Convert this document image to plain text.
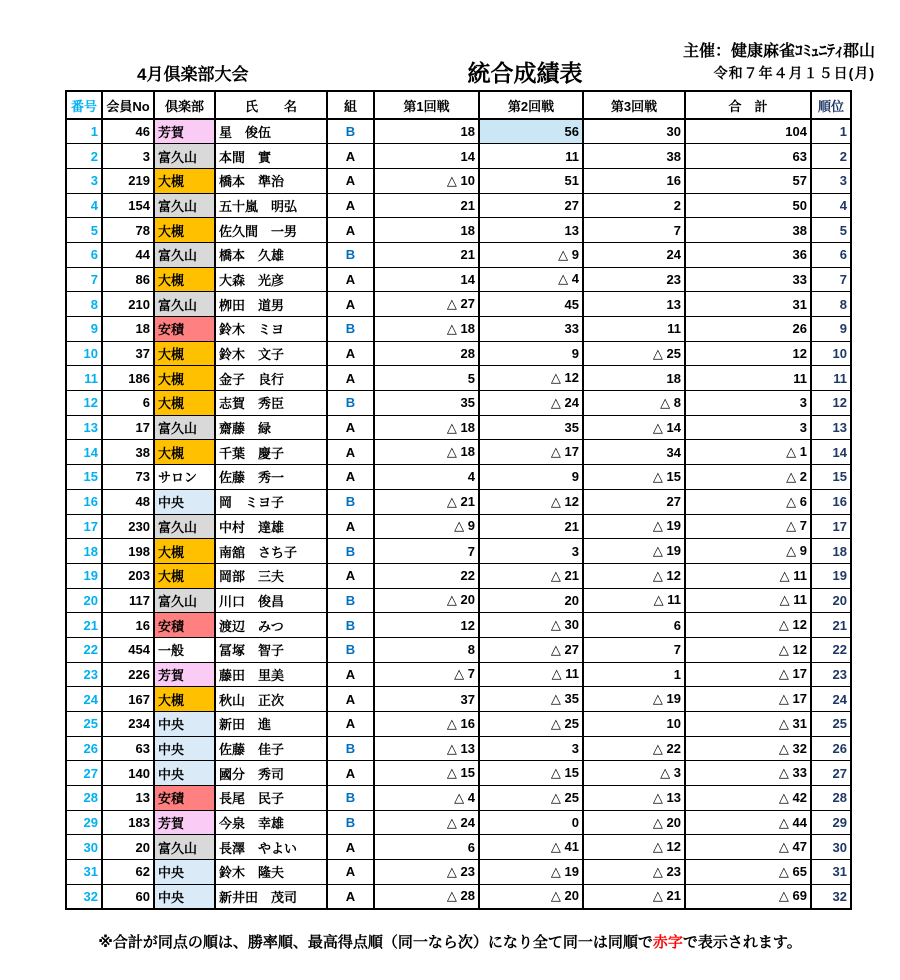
主催：健康麻雀ｺﾐｭﾆﾃｨ郡山
4月倶楽部大会	統合成績表	令和７年４月１５日(月)
番号	会員No	倶楽部	氏　　名	組	第1回戦	第2回戦	第3回戦	合　計	順位
1	46	芳賀	星　俊伍	B	18	56	30	104	1
2	3	富久山	本間　實	A	14	11	38	63	2
3	219	大槻	橋本　準治	A	△ 10	51	16	57	3
4	154	富久山	五十嵐　明弘	A	21	27	2	50	4
5	78	大槻	佐久間　一男	A	18	13	7	38	5
6	44	富久山	橋本　久雄	B	21	△ 9	24	36	6
7	86	大槻	大森　光彦	A	14	△ 4	23	33	7
8	210	富久山	栁田　道男	A	△ 27	45	13	31	8
9	18	安積	鈴木　ミヨ	B	△ 18	33	11	26	9
10	37	大槻	鈴木　文子	A	28	9	△ 25	12	10
11	186	大槻	金子　良行	A	5	△ 12	18	11	11
12	6	大槻	志賀　秀臣	B	35	△ 24	△ 8	3	12
13	17	富久山	齋藤　緑	A	△ 18	35	△ 14	3	13
14	38	大槻	千葉　慶子	A	△ 18	△ 17	34	△ 1	14
15	73	サロン	佐藤　秀一	A	4	9	△ 15	△ 2	15
16	48	中央	岡　ミヨ子	B	△ 21	△ 12	27	△ 6	16
17	230	富久山	中村　達雄	A	△ 9	21	△ 19	△ 7	17
18	198	大槻	南舘　さち子	B	7	3	△ 19	△ 9	18
19	203	大槻	岡部　三夫	A	22	△ 21	△ 12	△ 11	19
20	117	富久山	川口　俊昌	B	△ 20	20	△ 11	△ 11	20
21	16	安積	渡辺　みつ	B	12	△ 30	6	△ 12	21
22	454	一般	冨塚　智子	B	8	△ 27	7	△ 12	22
23	226	芳賀	藤田　里美	A	△ 7	△ 11	1	△ 17	23
24	167	大槻	秋山　正次	A	37	△ 35	△ 19	△ 17	24
25	234	中央	新田　進	A	△ 16	△ 25	10	△ 31	25
26	63	中央	佐藤　佳子	B	△ 13	3	△ 22	△ 32	26
27	140	中央	國分　秀司	A	△ 15	△ 15	△ 3	△ 33	27
28	13	安積	長尾　民子	B	△ 4	△ 25	△ 13	△ 42	28
29	183	芳賀	今泉　幸雄	B	△ 24	0	△ 20	△ 44	29
30	20	富久山	長澤　やよい	A	6	△ 41	△ 12	△ 47	30
31	62	中央	鈴木　隆夫	A	△ 23	△ 19	△ 23	△ 65	31
32	60	中央	新井田　茂司	A	△ 28	△ 20	△ 21	△ 69	32
※合計が同点の順は、勝率順、最高得点順（同一なら次）になり全て同一は同順で赤字で表示されます。
